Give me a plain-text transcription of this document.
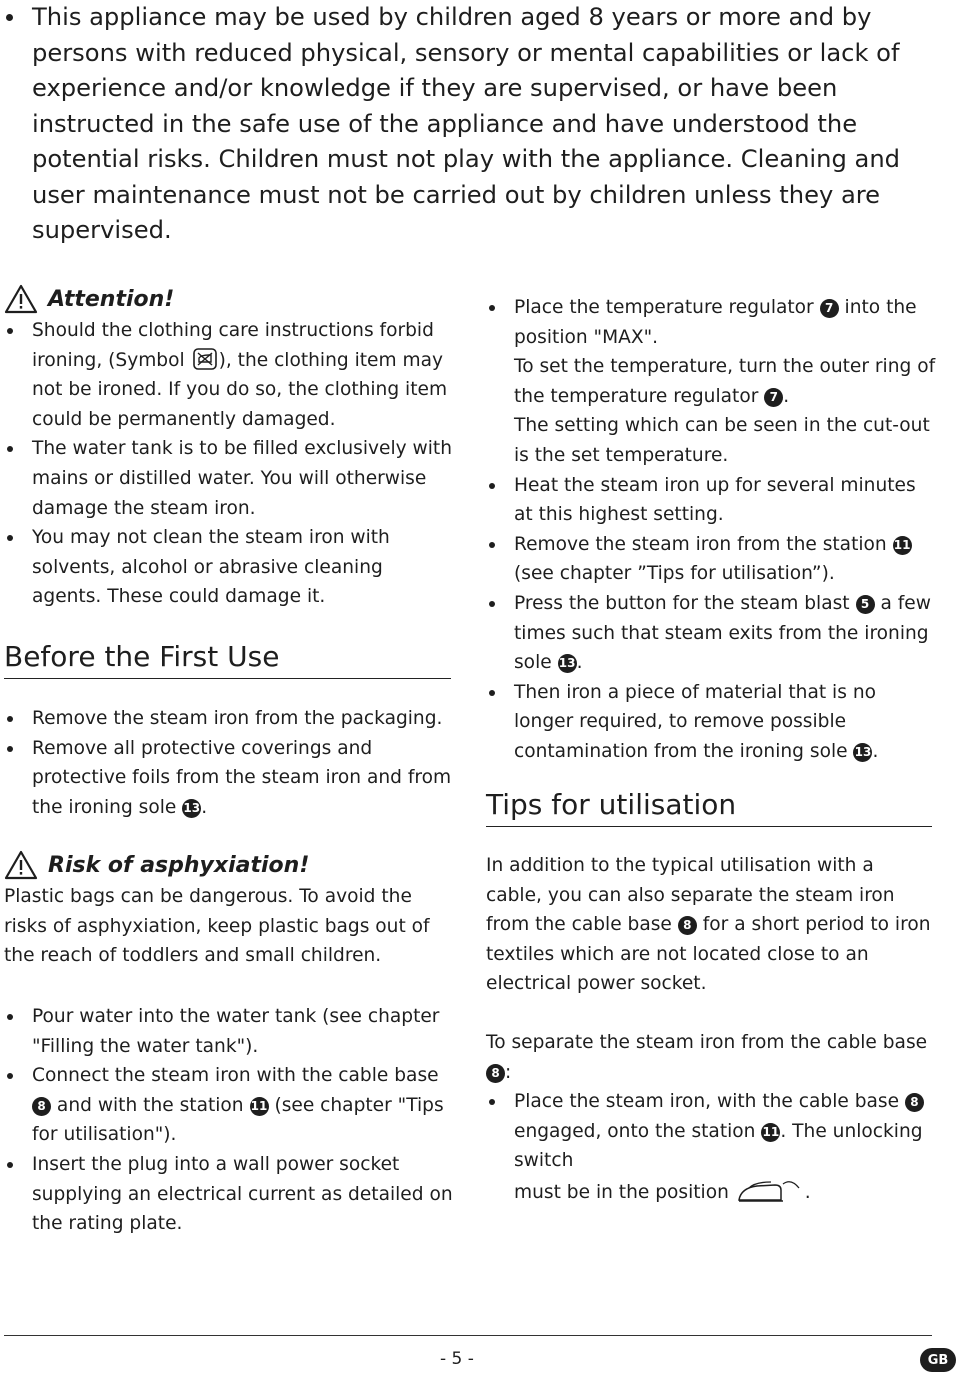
This appliance may be used by children aged 8 years or more and by persons with reduced physical, sensory or mental capabilities or lack of experience and/or knowledge if they are supervised, or have been instructed in the safe use of the appliance and have understood the potential risks. Children must not play with the appliance. Cleaning and user maintenance must not be carried out by children unless they are supervised.

Attention!
Should the clothing care instructions forbid ironing, (Symbol ), the clothing item may not be ironed. If you do so, the clothing item could be permanently damaged.
The water tank is to be filled exclusively with mains or distilled water. You will otherwise damage the steam iron.
You may not clean the steam iron with solvents, alcohol or abrasive cleaning agents. These could damage it.
Before the First Use
Remove the steam iron from the packaging.
Remove all protective coverings and protective foils from the steam iron and from the ironing sole 13.
Risk of asphyxiation!

Plastic bags can be dangerous. To avoid the risks of asphyxiation, keep plastic bags out of the reach of toddlers and small children.

Pour water into the water tank (see chapter "Filling the water tank").
Connect the steam iron with the cable base 8 and with the station 11 (see chapter "Tips for utilisation").
Insert the plug into a wall power socket supplying an electrical current as detailed on the rating plate.
Place the temperature regulator 7 into the position "MAX".
To set the temperature, turn the outer ring of the temperature regulator 7 .
The setting which can be seen in the cut-out is the set temperature.
Heat the steam iron up for several minutes at this highest setting.
Remove the steam iron from the station 11
(see chapter ”Tips for utilisation”).
Press the button for the steam blast 5 a few times such that steam exits from the ironing sole 13.
Then iron a piece of material that is no longer required, to remove possible contamination from the ironing sole 13.
Tips for utilisation

In addition to the typical utilisation with a cable, you can also separate the steam iron from the cable base 8 for a short period to iron textiles which are not located close to an electrical power socket.

To separate the steam iron from the cable base 8 :

Place the steam iron, with the cable base 8
engaged, onto the station 11. The unlocking switch
must be in the position	.
- 5 -	GB
